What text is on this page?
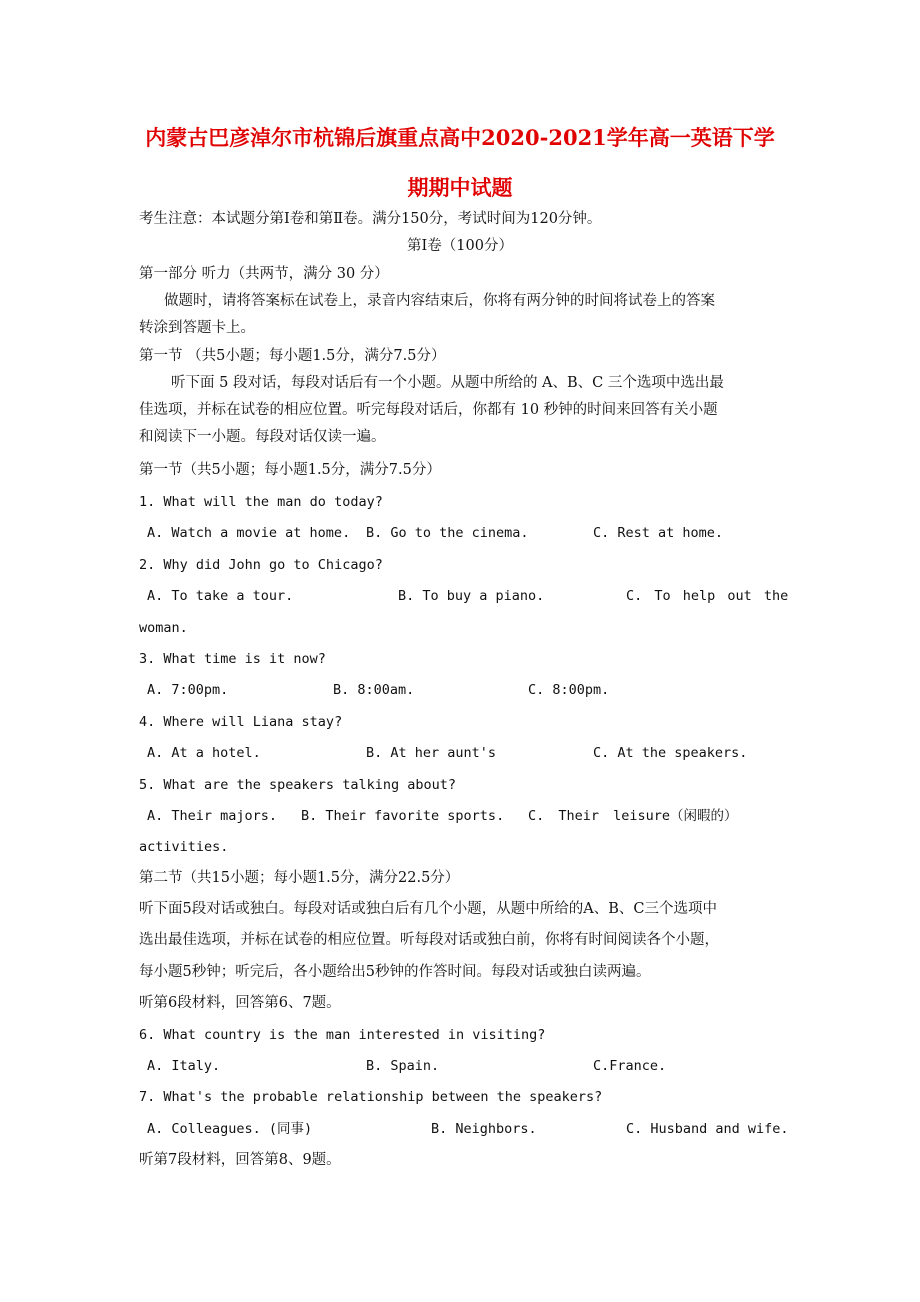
内蒙古巴彦淖尔市杭锦后旗重点高中2020-2021学年高一英语下学
期期中试题
考生注意：本试题分第Ⅰ卷和第Ⅱ卷。满分150分，考试时间为120分钟。
第Ⅰ卷（100分）
第一部分 听力（共两节，满分 30 分）
做题时，请将答案标在试卷上，录音内容结束后，你将有两分钟的时间将试卷上的答案
转涂到答题卡上。
第一节 （共5小题；每小题1.5分，满分7.5分）
听下面 5 段对话，每段对话后有一个小题。从题中所给的 A、B、C 三个选项中选出最
佳选项，并标在试卷的相应位置。听完每段对话后，你都有 10 秒钟的时间来回答有关小题
和阅读下一小题。每段对话仅读一遍。
第一节（共5小题；每小题1.5分，满分7.5分）
1. What will the man do today?
A. Watch a movie at home. B. Go to the cinema.	C. Rest at home.
2. Why did John go to Chicago?
A. To take a tour.	B. To buy a piano.	C. To help out the
woman.
3. What time is it now?
A. 7:00pm.	B. 8:00am.	C. 8:00pm.
4. Where will Liana stay?
A. At a hotel.	B. At her aunt's	C. At the speakers.
5. What are the speakers talking about?
A. Their majors. B. Their favorite sports. C. Their leisure（闲暇的）
activities.
第二节（共15小题；每小题1.5分，满分22.5分）
听下面5段对话或独白。每段对话或独白后有几个小题，从题中所给的A、B、C三个选项中
选出最佳选项，并标在试卷的相应位置。听每段对话或独白前，你将有时间阅读各个小题，
每小题5秒钟；听完后，各小题给出5秒钟的作答时间。每段对话或独白读两遍。
听第6段材料，回答第6、7题。
6. What country is the man interested in visiting?
A. Italy.	B. Spain.	C.France.
7. What's the probable relationship between the speakers?
A. Colleagues. (同事)	B. Neighbors.	C. Husband and wife.
听第7段材料，回答第8、9题。
